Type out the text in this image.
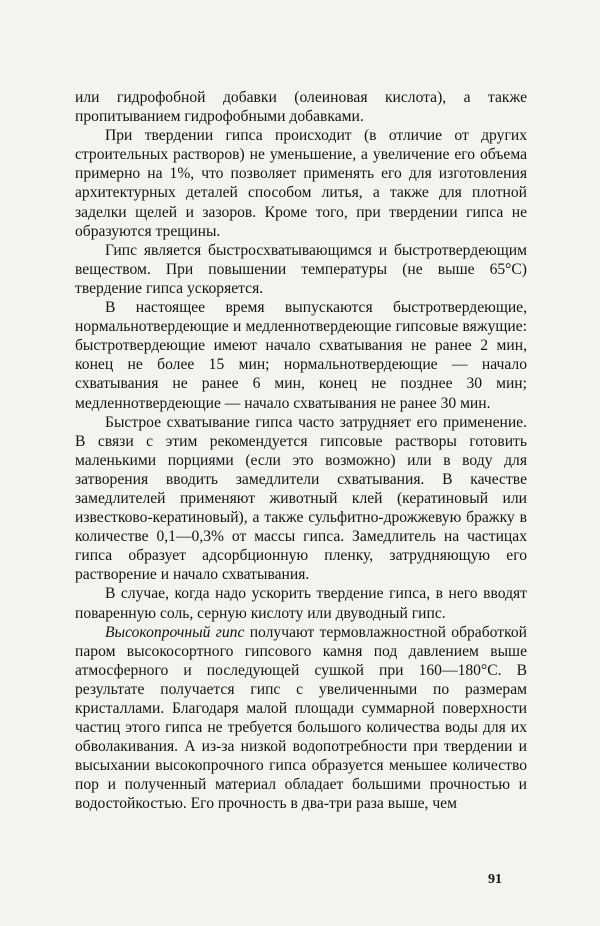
или гидрофобной добавки (олеиновая кислота), а также пропитыванием гидрофобными добавками.

При твердении гипса происходит (в отличие от других строительных растворов) не уменьшение, а увеличение его объема примерно на 1%, что позволяет применять его для изготовления архитектурных деталей способом литья, а также для плотной заделки щелей и зазоров. Кроме того, при твердении гипса не образуются трещины.

Гипс является быстросхватывающимся и быстротвердеющим веществом. При повышении температуры (не выше 65°С) твердение гипса ускоряется.

В настоящее время выпускаются быстротвердеющие, нормальнотвердеющие и медленнотвердеющие гипсовые вяжущие: быстротвердеющие имеют начало схватывания не ранее 2 мин, конец не более 15 мин; нормальнотвердеющие — начало схватывания не ранее 6 мин, конец не позднее 30 мин; медленнотвердеющие — начало схватывания не ранее 30 мин.

Быстрое схватывание гипса часто затрудняет его применение. В связи с этим рекомендуется гипсовые растворы готовить маленькими порциями (если это возможно) или в воду для затворения вводить замедлители схватывания. В качестве замедлителей применяют животный клей (кератиновый или известково-кератиновый), а также сульфитно-дрожжевую бражку в количестве 0,1—0,3% от массы гипса. Замедлитель на частицах гипса образует адсорбционную пленку, затрудняющую его растворение и начало схватывания.

В случае, когда надо ускорить твердение гипса, в него вводят поваренную соль, серную кислоту или двуводный гипс.

Высокопрочный гипс получают термовлажностной обработкой паром высокосортного гипсового камня под давлением выше атмосферного и последующей сушкой при 160—180°С. В результате получается гипс с увеличенными по размерам кристаллами. Благодаря малой площади суммарной поверхности частиц этого гипса не требуется большого количества воды для их обволакивания. А из-за низкой водопотребности при твердении и высыхании высокопрочного гипса образуется меньшее количество пор и полученный материал обладает большими прочностью и водостойкостью. Его прочность в два-три раза выше, чем

91
